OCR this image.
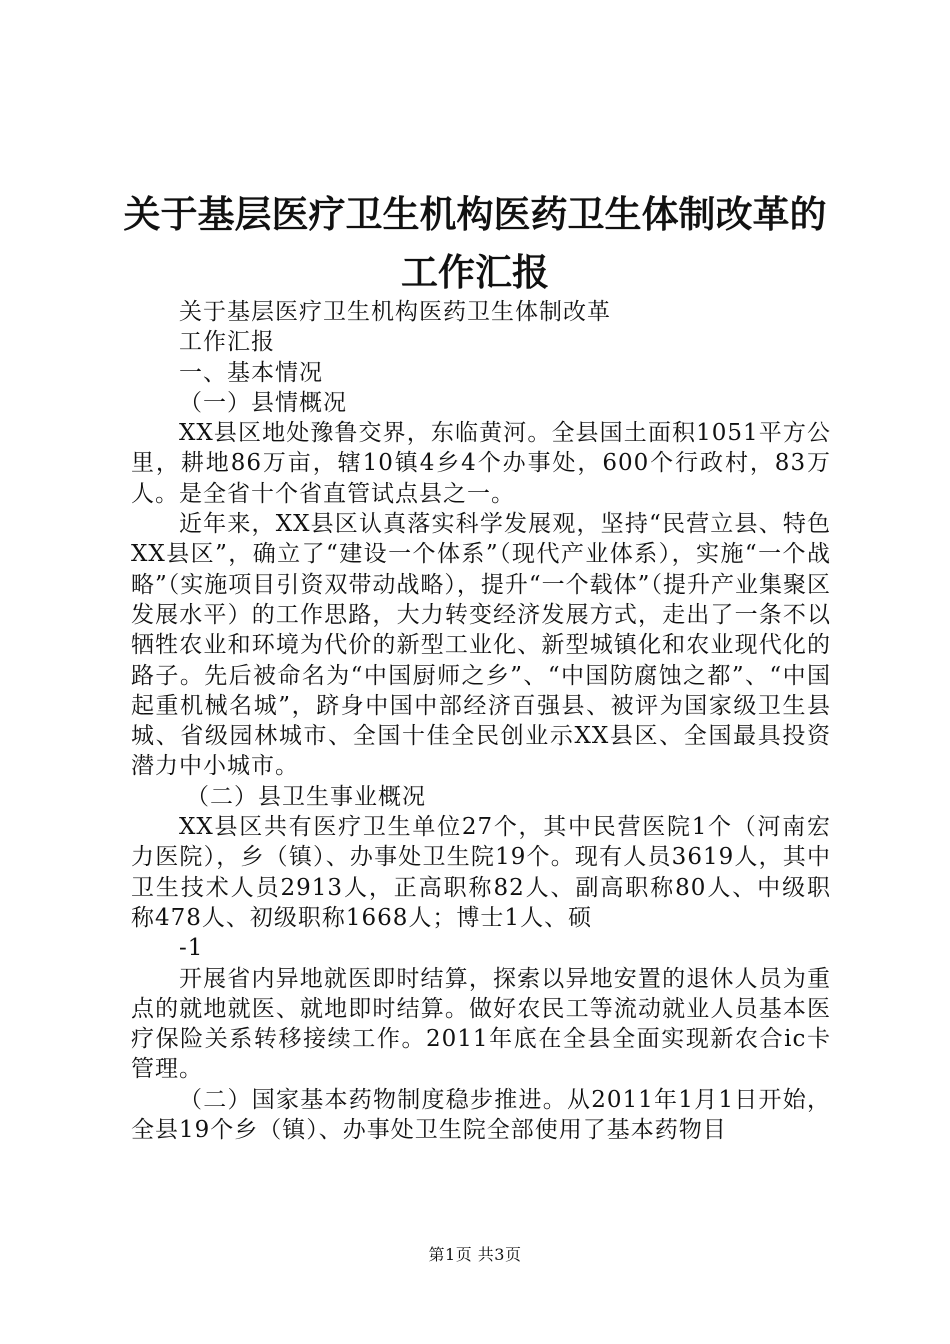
关于基层医疗卫生机构医药卫生体制改革的工作汇报
关于基层医疗卫生机构医药卫生体制改革
工作汇报
一、基本情况
（一）县情概况
XX县区地处豫鲁交界，东临黄河。全县国土面积1051平方公里，耕地86万亩，辖10镇4乡4个办事处，600个行政村，83万人。是全省十个省直管试点县之一。
近年来，XX县区认真落实科学发展观，坚持“民营立县、特色XX县区”，确立了“建设一个体系”（现代产业体系），实施“一个战略”（实施项目引资双带动战略），提升“一个载体”（提升产业集聚区发展水平）的工作思路，大力转变经济发展方式，走出了一条不以牺牲农业和环境为代价的新型工业化、新型城镇化和农业现代化的路子。先后被命名为“中国厨师之乡”、“中国防腐蚀之都”、“中国起重机械名城”，跻身中国中部经济百强县、被评为国家级卫生县城、省级园林城市、全国十佳全民创业示XX县区、全国最具投资潜力中小城市。
（二）县卫生事业概况
XX县区共有医疗卫生单位27个，其中民营医院1个（河南宏力医院），乡（镇）、办事处卫生院19个。现有人员3619人，其中卫生技术人员2913人，正高职称82人、副高职称80人、中级职称478人、初级职称1668人；博士1人、硕
-1
开展省内异地就医即时结算，探索以异地安置的退休人员为重点的就地就医、就地即时结算。做好农民工等流动就业人员基本医疗保险关系转移接续工作。2011年底在全县全面实现新农合ic卡管理。
（二）国家基本药物制度稳步推进。从2011年1月1日开始，全县19个乡（镇）、办事处卫生院全部使用了基本药物目
第1页 共3页
